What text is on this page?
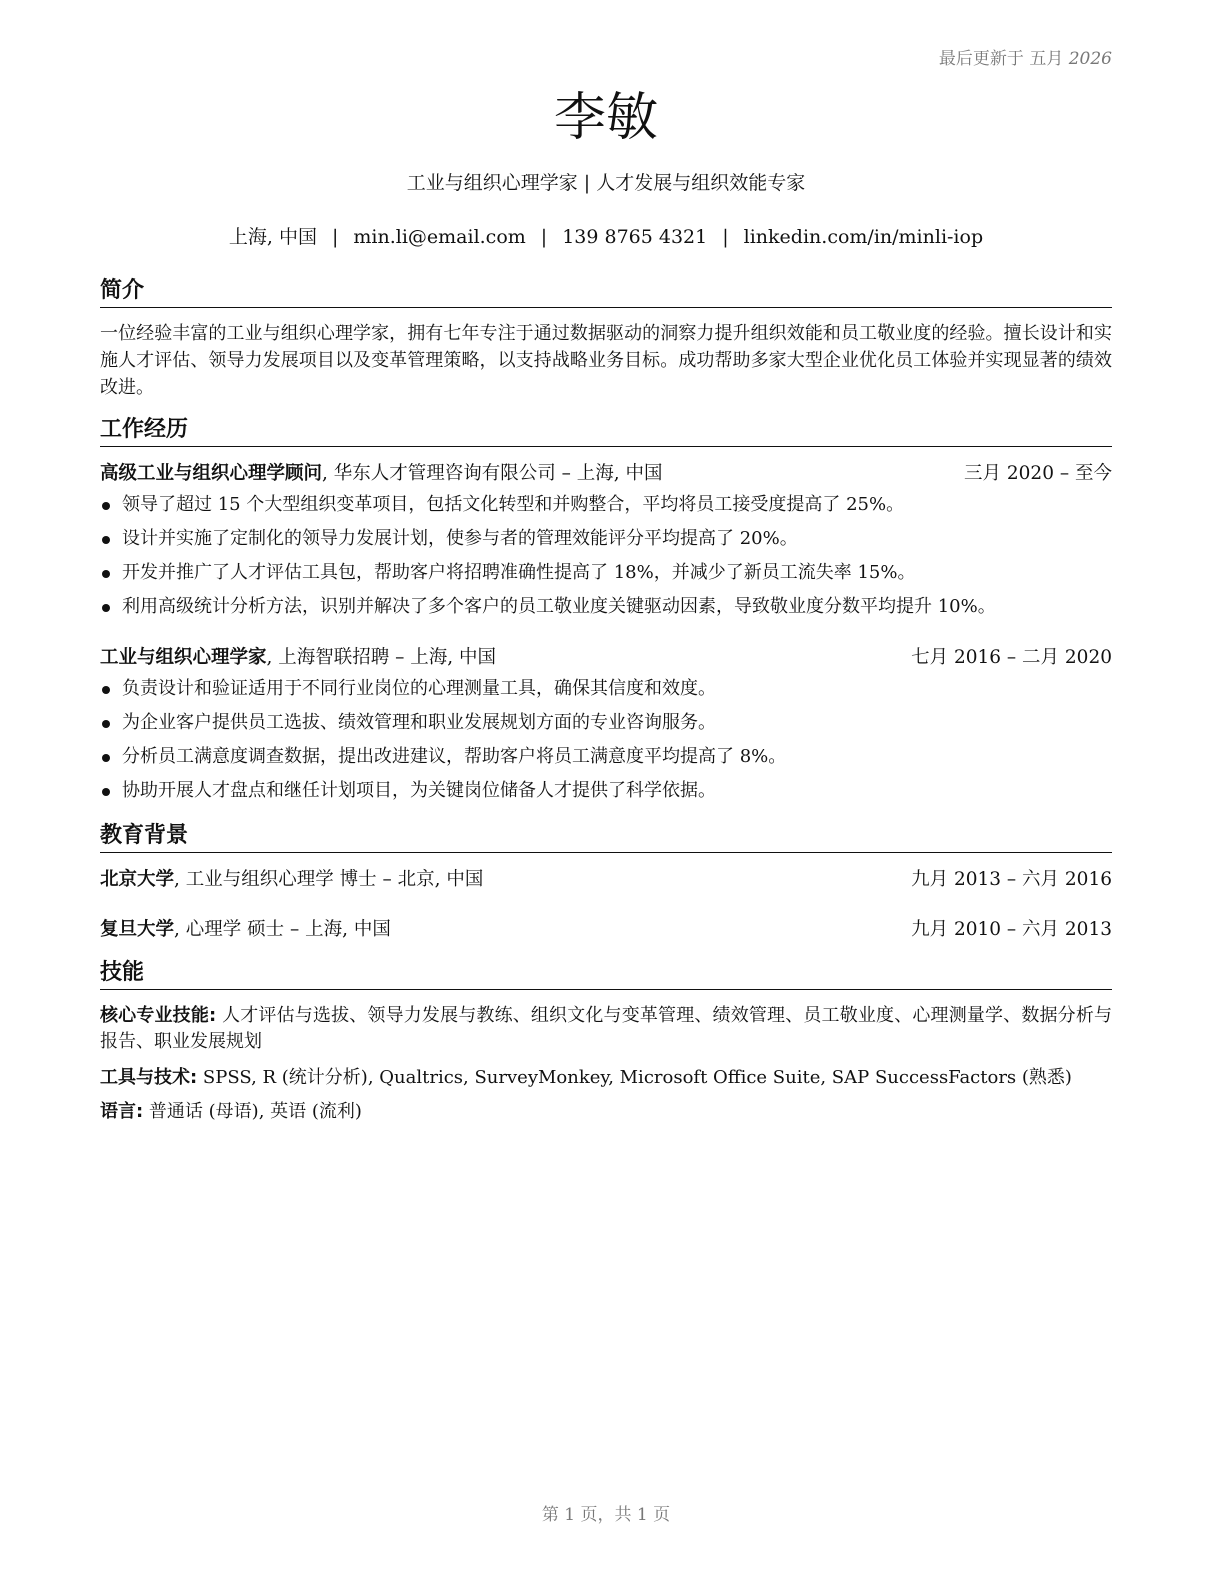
最后更新于 五月 2026
李敏
工业与组织心理学家 | 人才发展与组织效能专家
上海, 中国 | min.li@email.com | 139 8765 4321 | linkedin.com/in/minli-iop
简介
一位经验丰富的工业与组织心理学家，拥有七年专注于通过数据驱动的洞察力提升组织效能和员工敬业度的经验。擅长设计和实施人才评估、领导力发展项目以及变革管理策略，以支持战略业务目标。成功帮助多家大型企业优化员工体验并实现显著的绩效改进。
工作经历
高级工业与组织心理学顾问, 华东人才管理咨询有限公司 – 上海, 中国	三月 2020 – 至今
领导了超过 15 个大型组织变革项目，包括文化转型和并购整合，平均将员工接受度提高了 25%。
设计并实施了定制化的领导力发展计划，使参与者的管理效能评分平均提高了 20%。
开发并推广了人才评估工具包，帮助客户将招聘准确性提高了 18%，并减少了新员工流失率 15%。
利用高级统计分析方法，识别并解决了多个客户的员工敬业度关键驱动因素，导致敬业度分数平均提升 10%。
工业与组织心理学家, 上海智联招聘 – 上海, 中国	七月 2016 – 二月 2020
负责设计和验证适用于不同行业岗位的心理测量工具，确保其信度和效度。
为企业客户提供员工选拔、绩效管理和职业发展规划方面的专业咨询服务。
分析员工满意度调查数据，提出改进建议，帮助客户将员工满意度平均提高了 8%。
协助开展人才盘点和继任计划项目，为关键岗位储备人才提供了科学依据。
教育背景
北京大学, 工业与组织心理学 博士 – 北京, 中国	九月 2013 – 六月 2016
复旦大学, 心理学 硕士 – 上海, 中国	九月 2010 – 六月 2013
技能
核心专业技能: 人才评估与选拔、领导力发展与教练、组织文化与变革管理、绩效管理、员工敬业度、心理测量学、数据分析与报告、职业发展规划
工具与技术: SPSS, R (统计分析), Qualtrics, SurveyMonkey, Microsoft Office Suite, SAP SuccessFactors (熟悉)
语言: 普通话 (母语), 英语 (流利)
第 1 页，共 1 页
